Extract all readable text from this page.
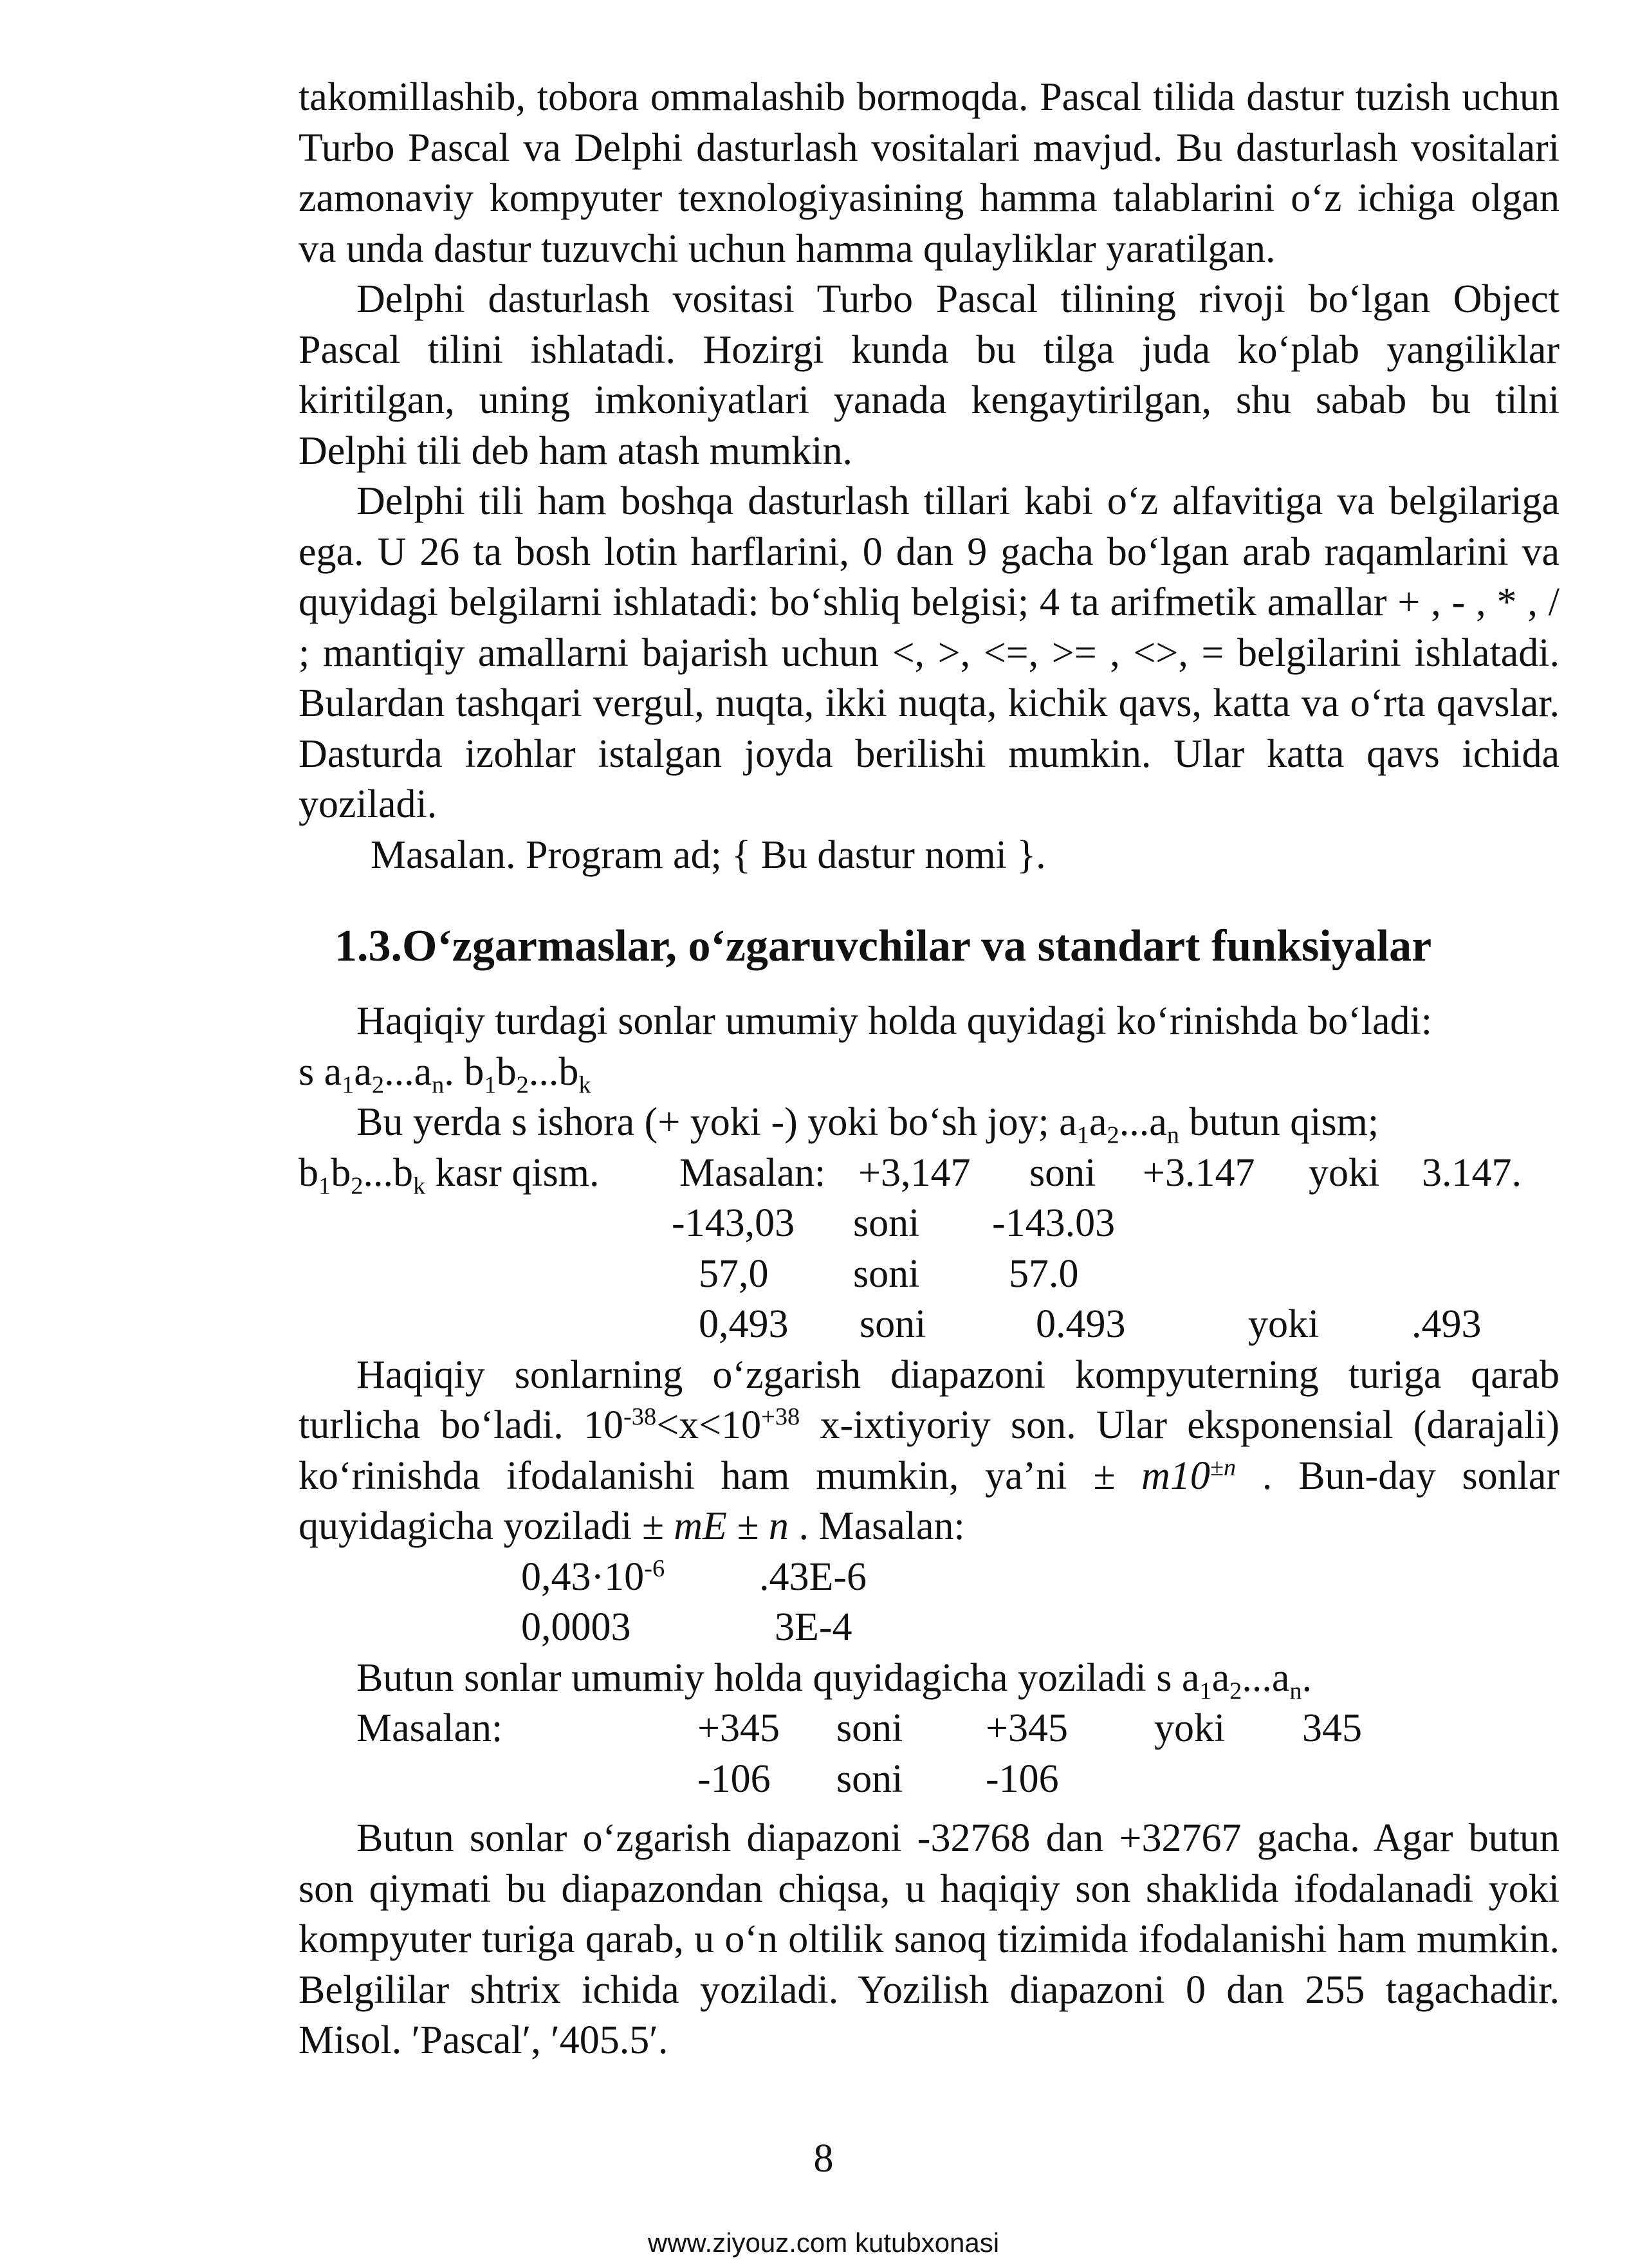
takomillashib, tobora ommalashib bormoqda. Pascal tilida dastur tuzish uchun Turbo Pascal va Delphi dasturlash vositalari mavjud. Bu dasturlash vositalari zamonaviy kompyuter texnologiyasining hamma talablarini o‘z ichiga olgan va unda dastur tuzuvchi uchun hamma qulayliklar yaratilgan.

Delphi dasturlash vositasi Turbo Pascal tilining rivoji bo‘lgan Object Pascal tilini ishlatadi. Hozirgi kunda bu tilga juda ko‘plab yangiliklar kiritilgan, uning imkoniyatlari yanada kengaytirilgan, shu sabab bu tilni Delphi tili deb ham atash mumkin.

Delphi tili ham boshqa dasturlash tillari kabi o‘z alfavitiga va belgilariga ega. U 26 ta bosh lotin harflarini, 0 dan 9 gacha bo‘lgan arab raqamlarini va quyidagi belgilarni ishlatadi: bo‘shliq belgisi; 4 ta arifmetik amallar + , - , * , / ; mantiqiy amallarni bajarish uchun <, >, <=, >= , <>, = belgilarini ishlatadi. Bulardan tashqari vergul, nuqta, ikki nuqta, kichik qavs, katta va o‘rta qavslar. Dasturda izohlar istalgan joyda berilishi mumkin. Ular katta qavs ichida yoziladi.

Masalan. Program ad; { Bu dastur nomi }.

1.3.O‘zgarmaslar, o‘zgaruvchilar va standart funksiyalar

Haqiqiy turdagi sonlar umumiy holda quyidagi ko‘rinishda bo‘ladi:

s $a_1a_2...a_n$. $b_1b_2...b_k$

Bu yerda s ishora (+ yoki -) yoki bo‘sh joy; $a_1a_2...a_n$ butun qism;

$b_1b_2...b_k$ kasr qism. Masalan: +3,147 soni +3.147 yoki 3.147.
-143,03 soni -143.03
57,0 soni 57.0
0,493 soni	0.493	yoki .493

Haqiqiy sonlarning o‘zgarish diapazoni kompyuterning turiga qarab turlicha bo‘ladi. $10^{-38}<x<10^{+38}$ x-ixtiyoriy son. Ular eksponensial (darajali) ko‘rinishda ifodalanishi ham mumkin, ya’ni ± $m10^{\pm n}$ . Bun-day sonlar quyidagicha yoziladi ± mE ± n . Masalan:

$0,43\cdot 10^{-6}$ .43E-6
0,0003	3E-4

Butun sonlar umumiy holda quyidagicha yoziladi s $a_1a_2...a_n$.

Masalan:	+345 soni +345 yoki 345
-106 soni -106

Butun sonlar o‘zgarish diapazoni -32768 dan +32767 gacha. Agar butun son qiymati bu diapazondan chiqsa, u haqiqiy son shaklida ifodalanadi yoki kompyuter turiga qarab, u o‘n oltilik sanoq tizimida ifodalanishi ham mumkin. Belgililar shtrix ichida yoziladi. Yozilish diapazoni 0 dan 255 tagachadir. Misol. ′Pascal′, ′405.5′.

8
www.ziyouz.com kutubxonasi
